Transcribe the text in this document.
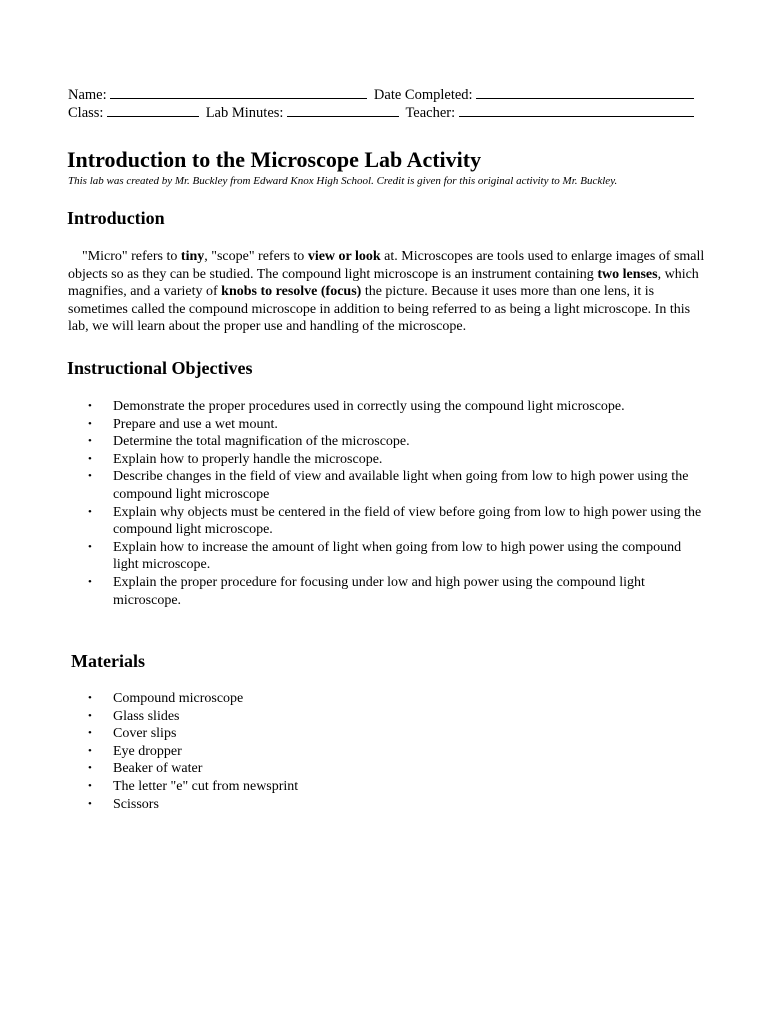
Name:	Date Completed:
Class:	Lab Minutes:	Teacher:
Introduction to the Microscope Lab Activity
This lab was created by Mr. Buckley from Edward Knox High School. Credit is given for this original activity to Mr. Buckley.
Introduction

"Micro" refers to tiny, "scope" refers to view or look at. Microscopes are tools used to enlarge images of small objects so as they can be studied. The compound light microscope is an instrument containing two lenses, which magnifies, and a variety of knobs to resolve (focus) the picture. Because it uses more than one lens, it is sometimes called the compound microscope in addition to being referred to as being a light microscope. In this lab, we will learn about the proper use and handling of the microscope.

Instructional Objectives
• Demonstrate the proper procedures used in correctly using the compound light microscope.
• Prepare and use a wet mount.
• Determine the total magnification of the microscope.
• Explain how to properly handle the microscope.
• Describe changes in the field of view and available light when going from low to high power using the
compound light microscope
• Explain why objects must be centered in the field of view before going from low to high power using the compound light microscope.
• Explain how to increase the amount of light when going from low to high power using the compound light microscope.
• Explain the proper procedure for focusing under low and high power using the compound light microscope.
Materials
• Compound microscope
• Glass slides
• Cover slips
• Eye dropper
• Beaker of water
• The letter "e" cut from newsprint
• Scissors
